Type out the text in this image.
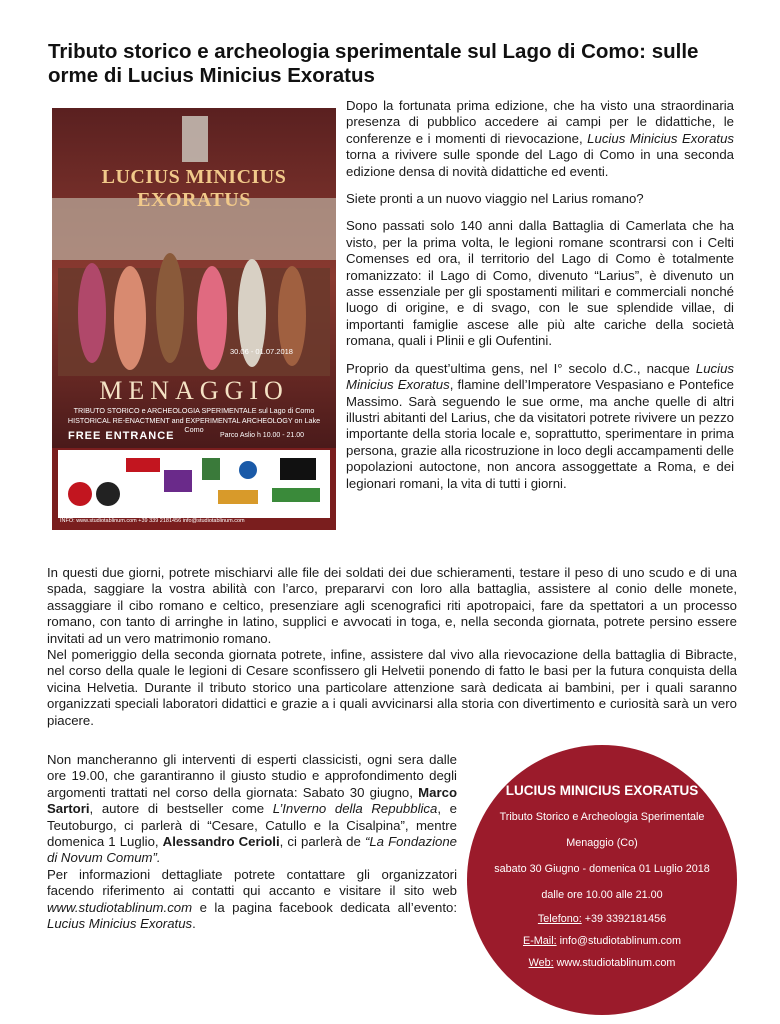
Tributo storico e archeologia sperimentale sul Lago di Como: sulle orme di Lucius Minicius Exoratus
LUCIUS MINICIUS EXORATUS
30.06 - 01.07.2018
MENAGGIO
TRIBUTO STORICO e ARCHEOLOGIA SPERIMENTALE sul Lago di Como
HISTORICAL RE-ENACTMENT and EXPERIMENTAL ARCHEOLOGY on Lake Como
FREE ENTRANCE	Parco Aslio h 10.00 - 21.00
INFO: www.studiotablinum.com +39 339 2181456 info@studiotablinum.com

Dopo la fortunata prima edizione, che ha visto una straordinaria presenza di pubblico accedere ai campi per le didattiche, le conferenze e i momenti di rievocazione, Lucius Minicius Exoratus torna a rivivere sulle sponde del Lago di Como in una seconda edizione densa di novità didattiche ed eventi.

Siete pronti a un nuovo viaggio nel Larius romano?

Sono passati solo 140 anni dalla Battaglia di Camerlata che ha visto, per la prima volta, le legioni romane scontrarsi con i Celti Comenses ed ora, il territorio del Lago di Como è totalmente romanizzato: il Lago di Como, divenuto “Larius”, è divenuto un asse essenziale per gli spostamenti militari e commerciali nonché luogo di origine, e di svago, con le sue splendide villae, di importanti famiglie ascese alle più alte cariche della società romana, quali i Plinii e gli Oufentini.

Proprio da quest’ultima gens, nel I° secolo d.C., nacque Lucius Minicius Exoratus, flamine dell’Imperatore Vespasiano e Pontefice Massimo. Sarà seguendo le sue orme, ma anche quelle di altri illustri abitanti del Larius, che da visitatori potrete rivivere un pezzo importante della storia locale e, soprattutto, sperimentare in prima persona, grazie alla ricostruzione in loco degli accampamenti delle popolazioni autoctone, non ancora assoggettate a Roma, e dei legionari romani, la vita di tutti i giorni.

In questi due giorni, potrete mischiarvi alle file dei soldati dei due schieramenti, testare il peso di uno scudo e di una spada, saggiare la vostra abilità con l’arco, prepararvi con loro alla battaglia, assistere al conio delle monete, assaggiare il cibo romano e celtico, presenziare agli scenografici riti apotropaici, fare da spettatori a un processo romano, con tanto di arringhe in latino, supplici e avvocati in toga, e, nella seconda giornata, potrete persino essere invitati ad un vero matrimonio romano.

Nel pomeriggio della seconda giornata potrete, infine, assistere dal vivo alla rievocazione della battaglia di Bibracte, nel corso della quale le legioni di Cesare sconfissero gli Helvetii ponendo di fatto le basi per la futura conquista della vicina Helvetia. Durante il tributo storico una particolare attenzione sarà dedicata ai bambini, per i quali saranno organizzati speciali laboratori didattici e grazie a i quali avvicinarsi alla storia con divertimento e curiosità sarà un vero piacere.

Non mancheranno gli interventi di esperti classicisti, ogni sera dalle ore 19.00, che garantiranno il giusto studio e approfondimento degli argomenti trattati nel corso della giornata: Sabato 30 giugno, Marco Sartori, autore di bestseller come L’Inverno della Repubblica, e Teutoburgo, ci parlerà di “Cesare, Catullo e la Cisalpina”, mentre domenica 1 Luglio, Alessandro Cerioli, ci parlerà de “La Fondazione di Novum Comum”.

Per informazioni dettagliate potrete contattare gli organizzatori facendo riferimento ai contatti qui accanto e visitare il sito web www.studiotablinum.com e la pagina facebook dedicata all’evento: Lucius Minicius Exoratus.

LUCIUS MINICIUS EXORATUS
Tributo Storico e Archeologia Sperimentale
Menaggio (Co)
sabato 30 Giugno - domenica 01 Luglio 2018
dalle ore 10.00 alle 21.00
Telefono: +39 3392181456
E-Mail: info@studiotablinum.com
Web: www.studiotablinum.com
